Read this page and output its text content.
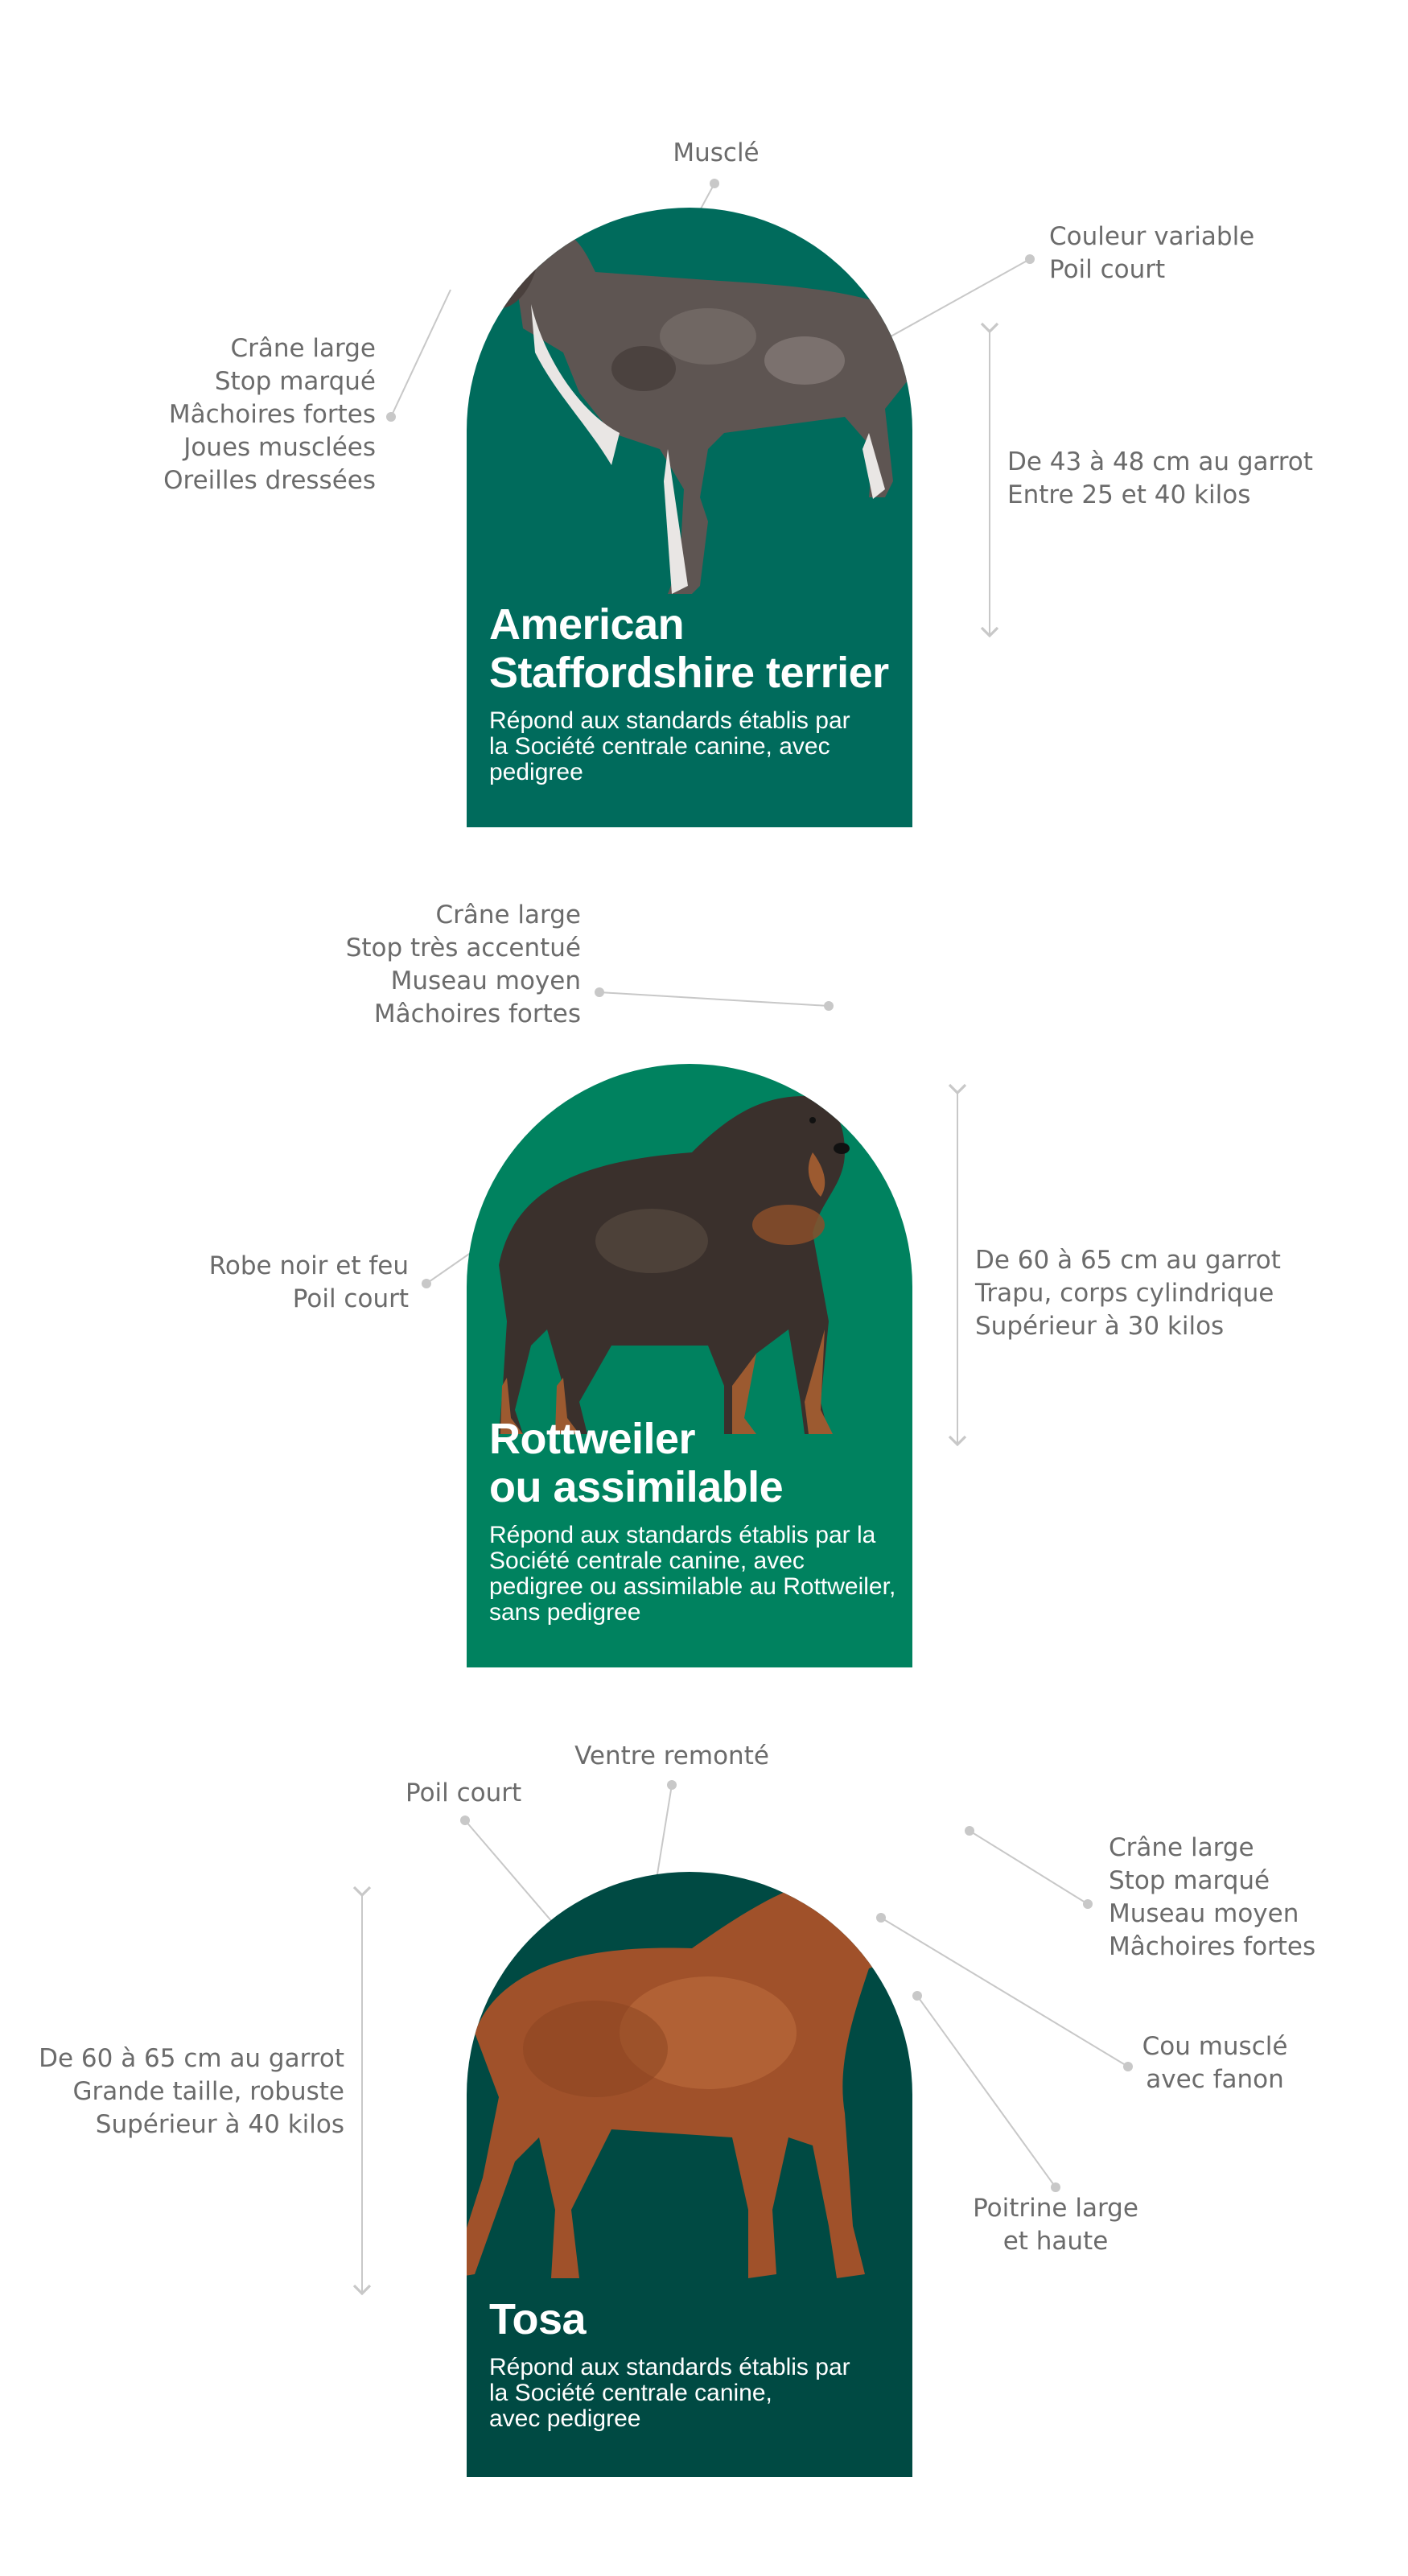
American
Staffordshire terrier
Répond aux standards établis par
la Société centrale canine, avec
pedigree
Musclé
Crâne large
Stop marqué
Mâchoires fortes
Joues musclées
Oreilles dressées
Couleur variable
Poil court
De 43 à 48 cm au garrot
Entre 25 et 40 kilos
Rottweiler
ou assimilable
Répond aux standards établis par la
Société centrale canine, avec
pedigree ou assimilable au Rottweiler,
sans pedigree
Crâne large
Stop très accentué
Museau moyen
Mâchoires fortes
Robe noir et feu
Poil court
De 60 à 65 cm au garrot
Trapu, corps cylindrique
Supérieur à 30 kilos
Tosa
Répond aux standards établis par
la Société centrale canine,
avec pedigree
Poil court
Ventre remonté
Crâne large
Stop marqué
Museau moyen
Mâchoires fortes
Cou musclé
avec fanon
Poitrine large
et haute
De 60 à 65 cm au garrot
Grande taille, robuste
Supérieur à 40 kilos
